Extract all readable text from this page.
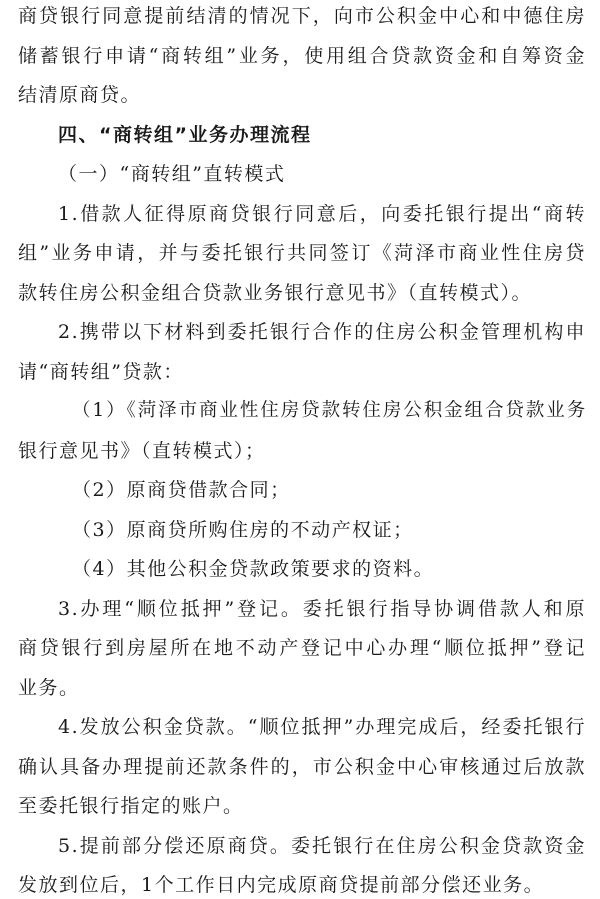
商贷银行同意提前结清的情况下，向市公积金中心和中德住房
储蓄银行申请“商转组”业务，使用组合贷款资金和自筹资金
结清原商贷。
四、“商转组”业务办理流程
（一）“商转组”直转模式
1.借款人征得原商贷银行同意后，向委托银行提出“商转
组”业务申请，并与委托银行共同签订《菏泽市商业性住房贷
款转住房公积金组合贷款业务银行意见书》（直转模式）。
2.携带以下材料到委托银行合作的住房公积金管理机构申
请“商转组”贷款：
（1）《菏泽市商业性住房贷款转住房公积金组合贷款业务
银行意见书》（直转模式）；
（2）原商贷借款合同；
（3）原商贷所购住房的不动产权证；
（4）其他公积金贷款政策要求的资料。
3.办理“顺位抵押”登记。委托银行指导协调借款人和原
商贷银行到房屋所在地不动产登记中心办理“顺位抵押”登记
业务。
4.发放公积金贷款。“顺位抵押”办理完成后，经委托银行
确认具备办理提前还款条件的，市公积金中心审核通过后放款
至委托银行指定的账户。
5.提前部分偿还原商贷。委托银行在住房公积金贷款资金
发放到位后，1个工作日内完成原商贷提前部分偿还业务。
